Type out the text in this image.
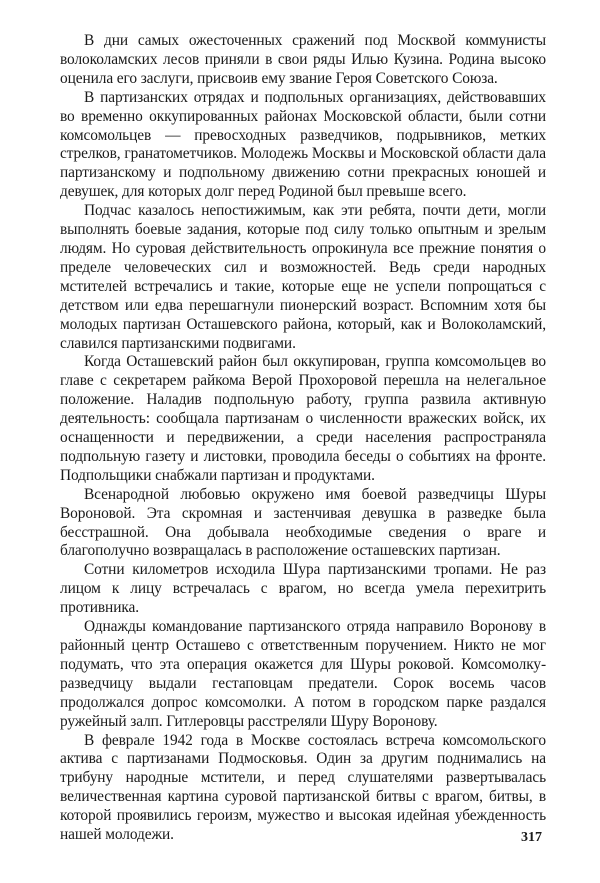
В дни самых ожесточенных сражений под Москвой коммунисты волоколамских лесов приняли в свои ряды Илью Кузина. Родина высоко оценила его заслуги, присвоив ему звание Героя Советского Союза.

В партизанских отрядах и подпольных организациях, действовавших во временно оккупированных районах Московской области, были сотни комсомольцев — превосходных разведчиков, подрывников, метких стрелков, гранатометчиков. Молодежь Москвы и Московской области дала партизанскому и подпольному движению сотни прекрасных юношей и девушек, для которых долг перед Родиной был превыше всего.

Подчас казалось непостижимым, как эти ребята, почти дети, могли выполнять боевые задания, которые под силу только опытным и зрелым людям. Но суровая действительность опрокинула все прежние понятия о пределе человеческих сил и возможностей. Ведь среди народных мстителей встречались и такие, которые еще не успели попрощаться с детством или едва перешагнули пионерский возраст. Вспомним хотя бы молодых партизан Осташевского района, который, как и Волоколамский, славился партизанскими подвигами.

Когда Осташевский район был оккупирован, группа комсомольцев во главе с секретарем райкома Верой Прохоровой перешла на нелегальное положение. Наладив подпольную работу, группа развила активную деятельность: сообщала партизанам о численности вражеских войск, их оснащенности и передвижении, а среди населения распространяла подпольную газету и листовки, проводила беседы о событиях на фронте. Подпольщики снабжали партизан и продуктами.

Всенародной любовью окружено имя боевой разведчицы Шуры Вороновой. Эта скромная и застенчивая девушка в разведке была бесстрашной. Она добывала необходимые сведения о враге и благополучно возвращалась в расположение осташевских партизан.

Сотни километров исходила Шура партизанскими тропами. Не раз лицом к лицу встречалась с врагом, но всегда умела перехитрить противника.

Однажды командование партизанского отряда направило Воронову в районный центр Осташево с ответственным поручением. Никто не мог подумать, что эта операция окажется для Шуры роковой. Комсомолку-разведчицу выдали гестаповцам предатели. Сорок восемь часов продолжался допрос комсомолки. А потом в городском парке раздался ружейный залп. Гитлеровцы расстреляли Шуру Воронову.

В феврале 1942 года в Москве состоялась встреча комсомольского актива с партизанами Подмосковья. Один за другим поднимались на трибуну народные мстители, и перед слушателями развертывалась величественная картина суровой партизанской битвы с врагом, битвы, в которой проявились героизм, мужество и высокая идейная убежденность нашей молодежи.	317
